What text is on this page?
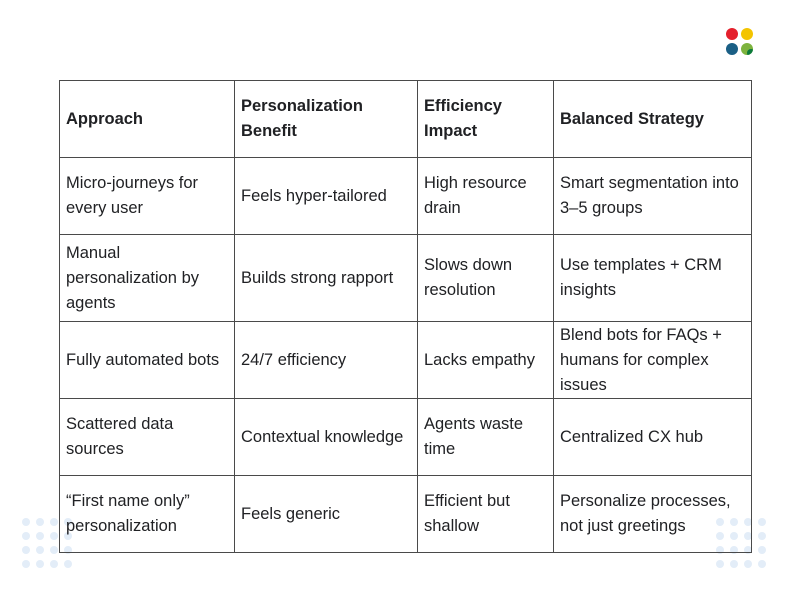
Approach	Personalization Benefit	Efficiency Impact	Balanced Strategy
Micro-journeys for every user	Feels hyper-tailored	High resource drain	Smart segmentation into 3–5 groups
Manual personalization by agents	Builds strong rapport	Slows down resolution	Use templates + CRM insights
Fully automated bots	24/7 efficiency	Lacks empathy	Blend bots for FAQs + humans for complex issues
Scattered data sources	Contextual knowledge	Agents waste time	Centralized CX hub
“First name only” personalization	Feels generic	Efficient but shallow	Personalize processes, not just greetings
